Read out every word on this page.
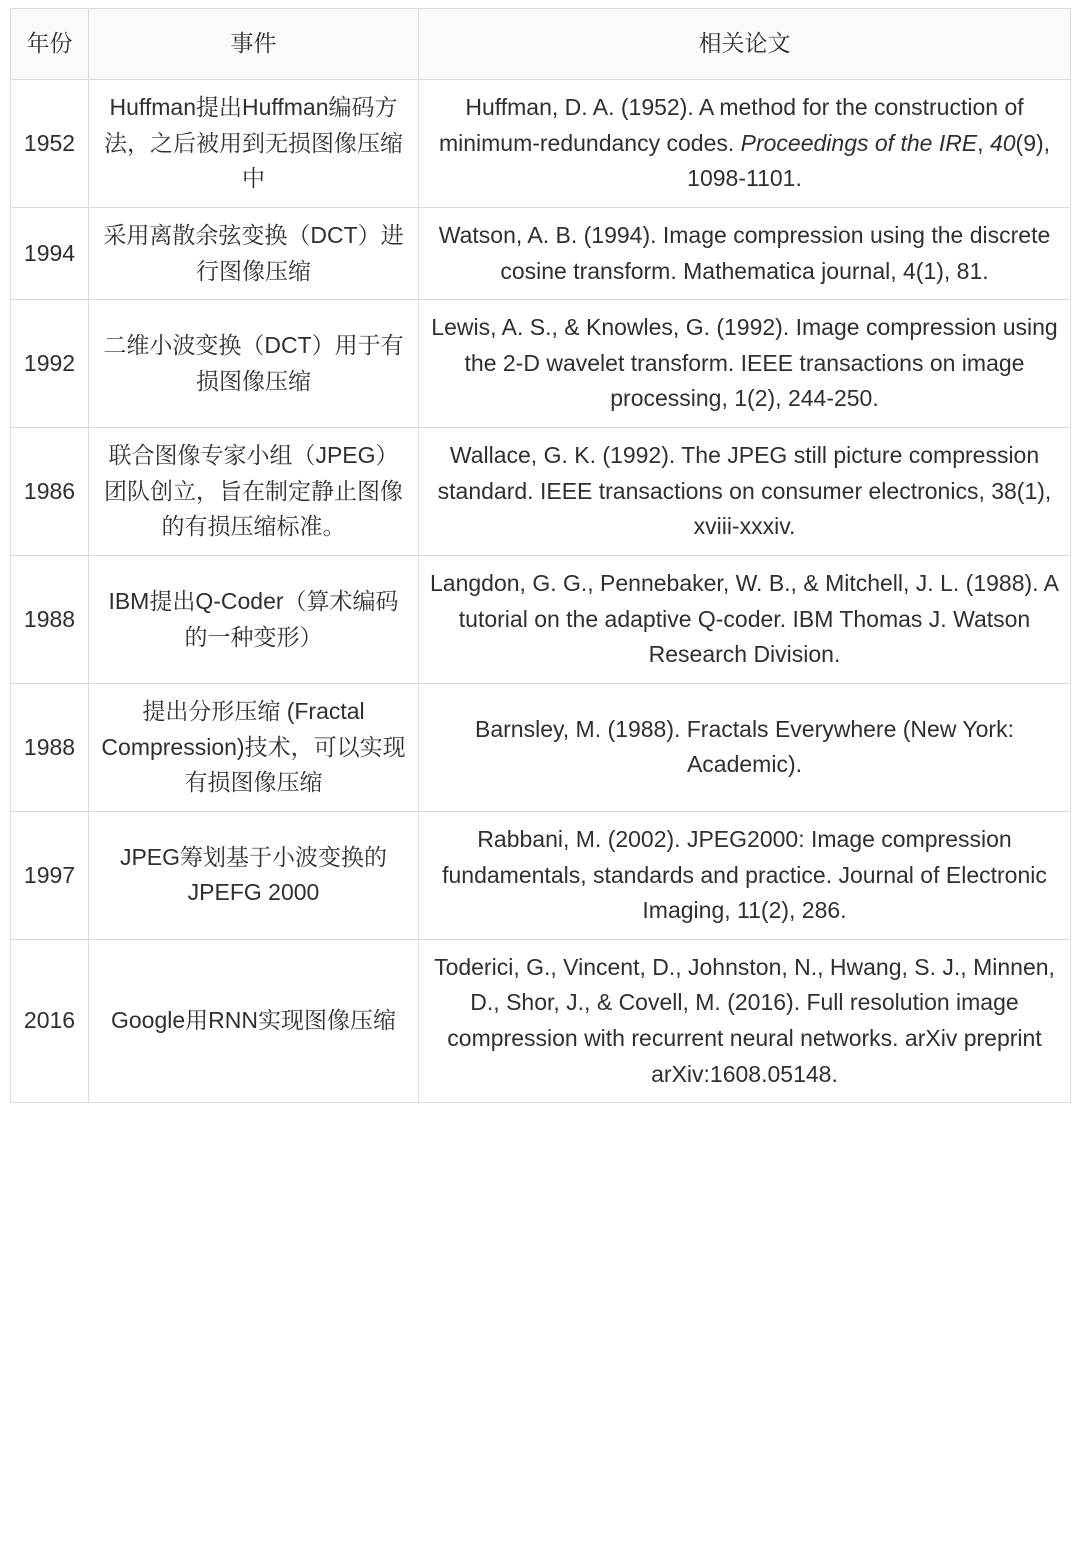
年份	事件	相关论文
1952	Huffman提出Huffman编码方法，之后被用到无损图像压缩中	Huffman, D. A. (1952). A method for the construction of minimum-redundancy codes. Proceedings of the IRE, 40(9), 1098-1101.
1994	采用离散余弦变换（DCT）进行图像压缩	Watson, A. B. (1994). Image compression using the discrete cosine transform. Mathematica journal, 4(1), 81.
1992	二维小波变换（DCT）用于有损图像压缩	Lewis, A. S., & Knowles, G. (1992). Image compression using the 2-D wavelet transform. IEEE transactions on image processing, 1(2), 244-250.
1986	联合图像专家小组（JPEG）团队创立，旨在制定静止图像的有损压缩标准。	Wallace, G. K. (1992). The JPEG still picture compression standard. IEEE transactions on consumer electronics, 38(1), xviii-xxxiv.
1988	IBM提出Q-Coder（算术编码的一种变形）	Langdon, G. G., Pennebaker, W. B., & Mitchell, J. L. (1988). A tutorial on the adaptive Q-coder. IBM Thomas J. Watson Research Division.
1988	提出分形压缩 (Fractal Compression)技术，可以实现有损图像压缩	Barnsley, M. (1988). Fractals Everywhere (New York: Academic).
1997	JPEG筹划基于小波变换的JPEFG 2000	Rabbani, M. (2002). JPEG2000: Image compression fundamentals, standards and practice. Journal of Electronic Imaging, 11(2), 286.
2016	Google用RNN实现图像压缩	Toderici, G., Vincent, D., Johnston, N., Hwang, S. J., Minnen, D., Shor, J., & Covell, M. (2016). Full resolution image compression with recurrent neural networks. arXiv preprint arXiv:1608.05148.
